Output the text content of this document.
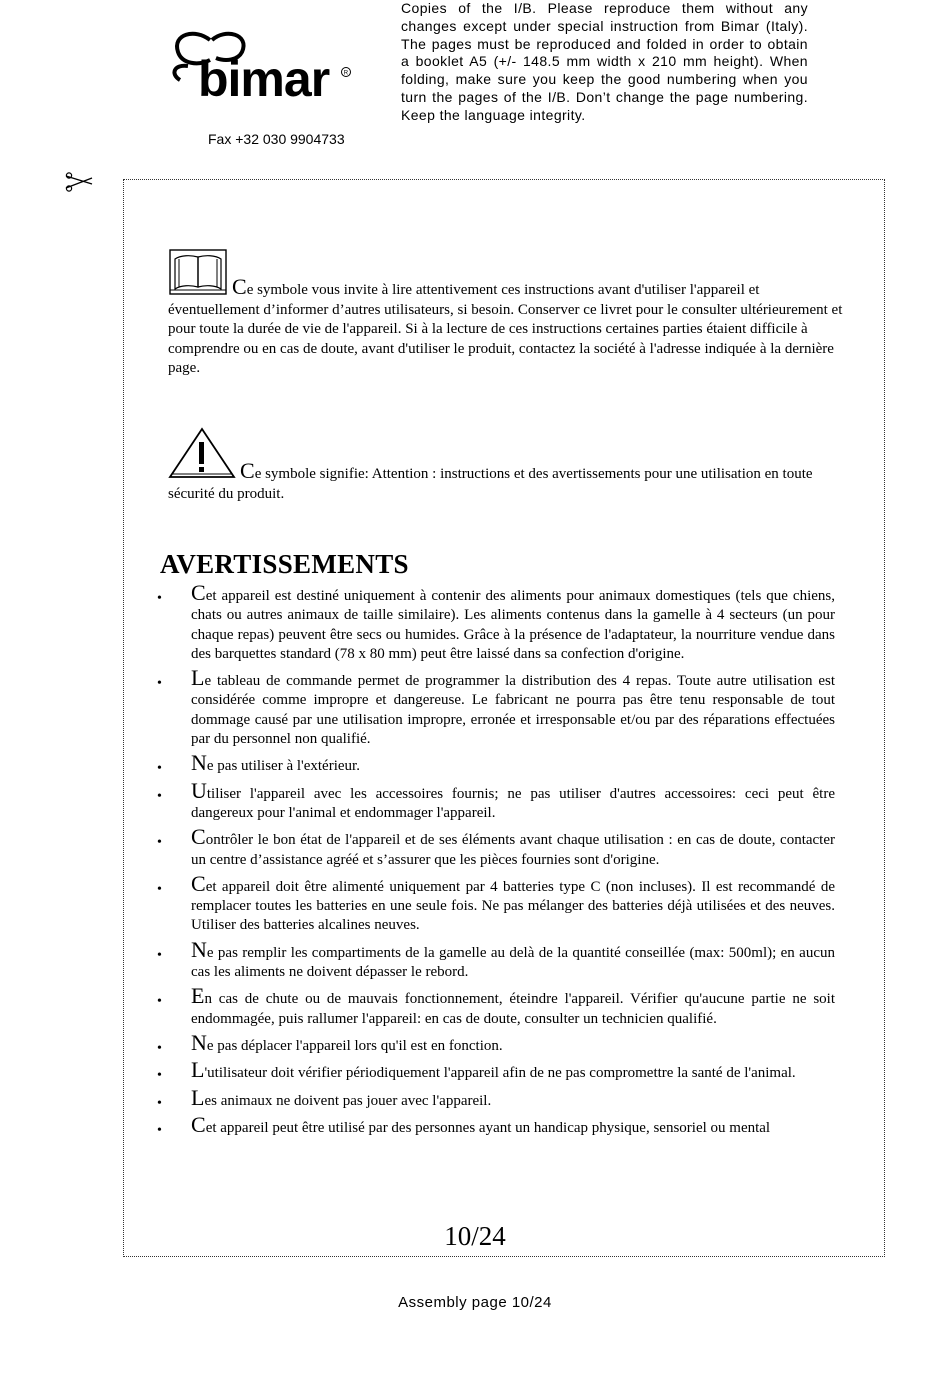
bimar R
Fax +32 030 9904733

Copies of the I/B. Please reproduce them without any changes except under special instruction from Bimar (Italy). The pages must be reproduced and folded in order to obtain a booklet A5 (+/- 148.5 mm width x 210 mm height). When folding, make sure you keep the good numbering when you turn the pages of the I/B. Don’t change the page numbering. Keep the language integrity.

Ce symbole vous invite à lire attentivement ces instructions avant d'utiliser l'appareil et éventuellement d’informer d’autres utilisateurs, si besoin. Conserver ce livret pour le consulter ultérieurement et pour toute la durée de vie de l'appareil. Si à la lecture de ces instructions certaines parties étaient difficile à comprendre ou en cas de doute, avant d'utiliser le produit, contactez la société à l'adresse indiquée à la dernière page.

Ce symbole signifie: Attention : instructions et des avertissements pour une utilisation en toute sécurité du produit.

AVERTISSEMENTS
• Cet appareil est destiné uniquement à contenir des aliments pour animaux domestiques (tels que chiens, chats ou autres animaux de taille similaire). Les aliments contenus dans la gamelle à 4 secteurs (un pour chaque repas) peuvent être secs ou humides. Grâce à la présence de l'adaptateur, la nourriture vendue dans des barquettes standard (78 x 80 mm) peut être laissé dans sa confection d'origine.
• Le tableau de commande permet de programmer la distribution des 4 repas. Toute autre utilisation est considérée comme impropre et dangereuse. Le fabricant ne pourra pas être tenu responsable de tout dommage causé par une utilisation impropre, erronée et irresponsable et/ou par des réparations effectuées par du personnel non qualifié.
• Ne pas utiliser à l'extérieur.
• Utiliser l'appareil avec les accessoires fournis; ne pas utiliser d'autres accessoires: ceci peut être dangereux pour l'animal et endommager l'appareil.
• Contrôler le bon état de l'appareil et de ses éléments avant chaque utilisation : en cas de doute, contacter un centre d’assistance agréé et s’assurer que les pièces fournies sont d'origine.
• Cet appareil doit être alimenté uniquement par 4 batteries type C (non incluses). Il est recommandé de remplacer toutes les batteries en une seule fois. Ne pas mélanger des batteries déjà utilisées et des neuves. Utiliser des batteries alcalines neuves.
• Ne pas remplir les compartiments de la gamelle au delà de la quantité conseillée (max: 500ml); en aucun cas les aliments ne doivent dépasser le rebord.
• En cas de chute ou de mauvais fonctionnement, éteindre l'appareil. Vérifier qu'aucune partie ne soit endommagée, puis rallumer l'appareil: en cas de doute, consulter un technicien qualifié.
• Ne pas déplacer l'appareil lors qu'il est en fonction.
• L'utilisateur doit vérifier périodiquement l'appareil afin de ne pas compromettre la santé de l'animal.
• Les animaux ne doivent pas jouer avec l'appareil.
• Cet appareil peut être utilisé par des personnes ayant un handicap physique, sensoriel ou mental
10/24
Assembly page 10/24
